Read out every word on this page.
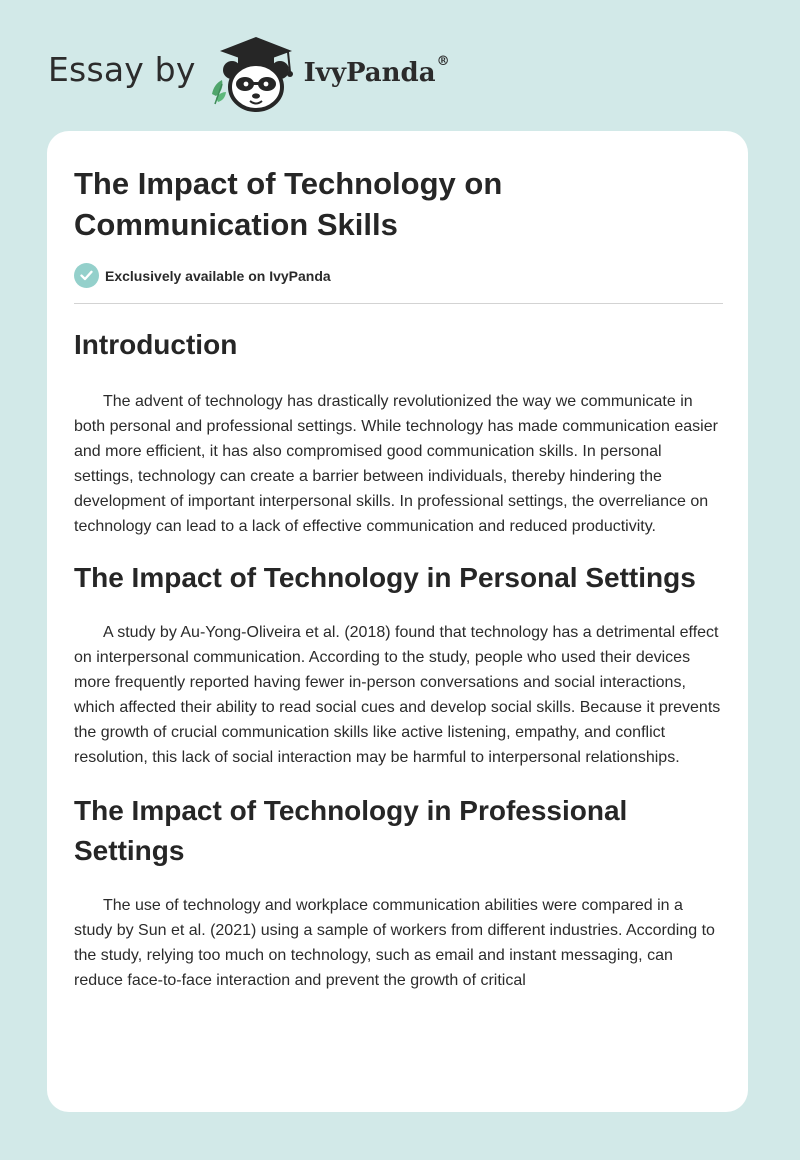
Essay by	IvyPanda®
The Impact of Technology on Communication Skills
Exclusively available on IvyPanda
Introduction

The advent of technology has drastically revolutionized the way we communicate in both personal and professional settings. While technology has made communication easier and more efficient, it has also compromised good communication skills. In personal settings, technology can create a barrier between individuals, thereby hindering the development of important interpersonal skills. In professional settings, the overreliance on technology can lead to a lack of effective communication and reduced productivity.

The Impact of Technology in Personal Settings

A study by Au-Yong-Oliveira et al. (2018) found that technology has a detrimental effect on interpersonal communication. According to the study, people who used their devices more frequently reported having fewer in-person conversations and social interactions, which affected their ability to read social cues and develop social skills. Because it prevents the growth of crucial communication skills like active listening, empathy, and conflict resolution, this lack of social interaction may be harmful to interpersonal relationships.

The Impact of Technology in Professional Settings

The use of technology and workplace communication abilities were compared in a study by Sun et al. (2021) using a sample of workers from different industries. According to the study, relying too much on technology, such as email and instant messaging, can reduce face-to-face interaction and prevent the growth of critical
